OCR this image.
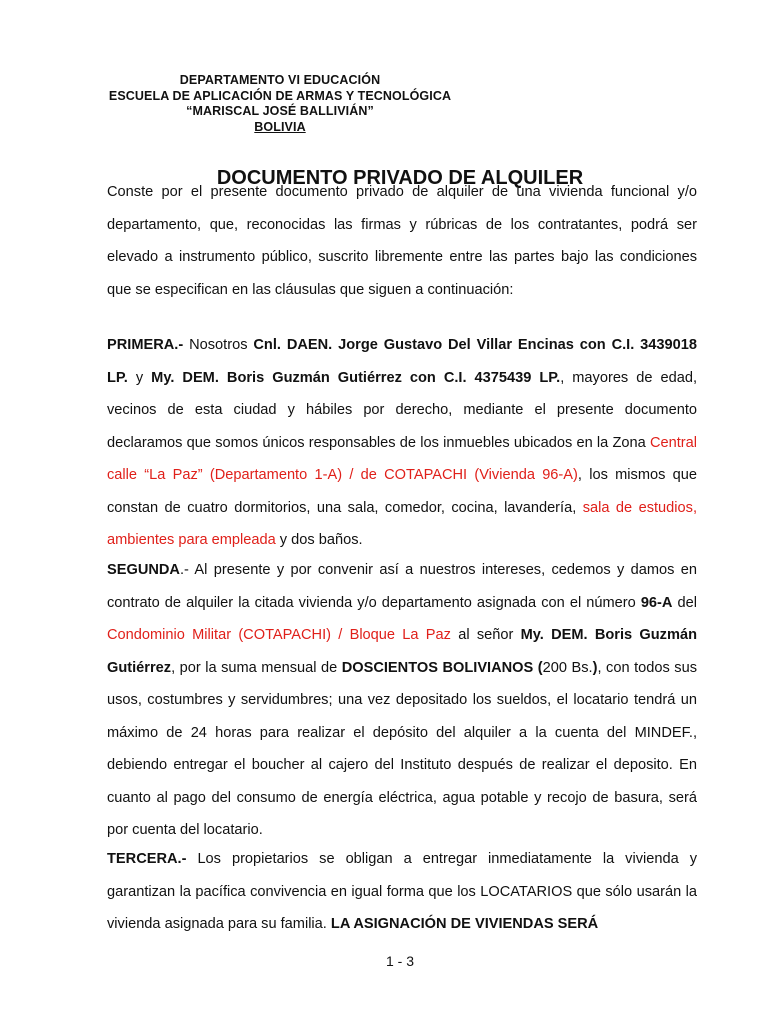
DEPARTAMENTO VI EDUCACIÓN
ESCUELA DE APLICACIÓN DE ARMAS Y TECNOLÓGICA
“MARISCAL JOSÉ BALLIVIÁN”
BOLIVIA
DOCUMENTO PRIVADO DE ALQUILER

Conste por el presente documento privado de alquiler de una vivienda funcional y/o departamento, que, reconocidas las firmas y rúbricas de los contratantes, podrá ser elevado a instrumento público, suscrito libremente entre las partes bajo las condiciones que se especifican en las cláusulas que siguen a continuación:

PRIMERA.- Nosotros Cnl. DAEN. Jorge Gustavo Del Villar Encinas con C.I. 3439018 LP. y My. DEM. Boris Guzmán Gutiérrez con C.I. 4375439 LP., mayores de edad, vecinos de esta ciudad y hábiles por derecho, mediante el presente documento declaramos que somos únicos responsables de los inmuebles ubicados en la Zona Central calle “La Paz” (Departamento 1-A) / de COTAPACHI (Vivienda 96-A), los mismos que constan de cuatro dormitorios, una sala, comedor, cocina, lavandería, sala de estudios, ambientes para empleada y dos baños.

SEGUNDA.- Al presente y por convenir así a nuestros intereses, cedemos y damos en contrato de alquiler la citada vivienda y/o departamento asignada con el número 96-A del Condominio Militar (COTAPACHI) / Bloque La Paz al señor My. DEM. Boris Guzmán Gutiérrez, por la suma mensual de DOSCIENTOS BOLIVIANOS (200 Bs.), con todos sus usos, costumbres y servidumbres; una vez depositado los sueldos, el locatario tendrá un máximo de 24 horas para realizar el depósito del alquiler a la cuenta del MINDEF., debiendo entregar el boucher al cajero del Instituto después de realizar el deposito. En cuanto al pago del consumo de energía eléctrica, agua potable y recojo de basura, será por cuenta del locatario.

TERCERA.- Los propietarios se obligan a entregar inmediatamente la vivienda y garantizan la pacífica convivencia en igual forma que los LOCATARIOS que sólo usarán la vivienda asignada para su familia. LA ASIGNACIÓN DE VIVIENDAS SERÁ

1 - 3
